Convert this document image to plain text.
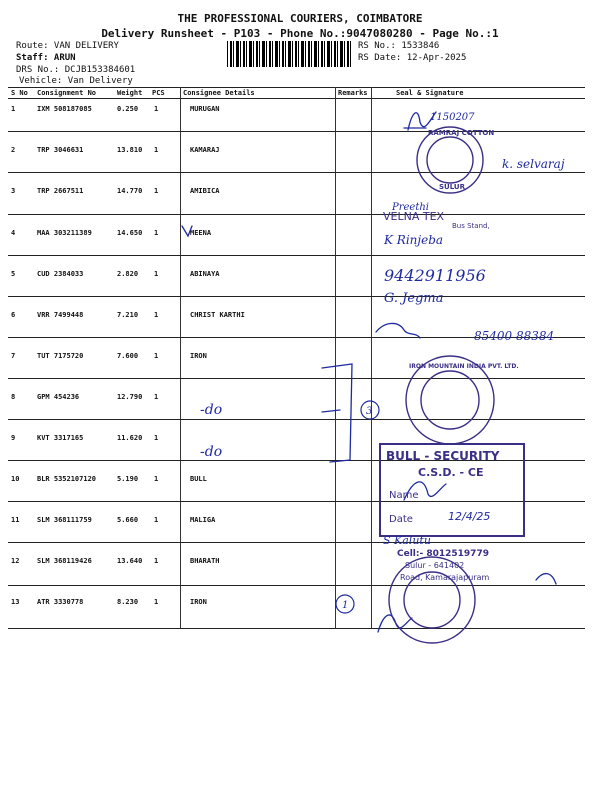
THE PROFESSIONAL COURIERS, COIMBATORE
Delivery Runsheet - P103 - Phone No.:9047080280 - Page No.:1
Route: VAN DELIVERY
Staff: ARUN
DRS No.: DCJB153384601
Vehicle: Van Delivery
RS No.: 1533846
RS Date: 12-Apr-2025
S No Consignment No	Weight PCS	Consignee Details	Remarks	Seal & Signature
1	IXM 508187085	0.250 1	MURUGAN
2	TRP 3046631	13.810 1	KAMARAJ
3	TRP 2667511	14.770 1	AMIBICA
4	MAA 303211389	14.650 1	MEENA
5	CUD 2384033	2.820 1	ABINAYA
6	VRR 7499448	7.210 1	CHRIST KARTHI
7	TUT 7175720	7.600 1	IRON
8	GPM 454236	12.790 1
9	KVT 3317165	11.620 1
10	BLR 5352107120	5.190 1	BULL
11	SLM 368111759	5.660 1	MALIGA
12	SLM 368119426	13.640 1	BHARATH
13	ATR 3330778	8.230 1	IRON
RAMRAJ COTTON
SULUR
VELNA TEX
Bus Stand,
IRON MOUNTAIN INDIA PVT. LTD.
BULL - SECURITY
C.S.D. - CE
Name
Date	12/4/25
Cell:- 8012519779
Sulur - 641402
Road, Kamarajapuram
1150207
k. selvaraj
Preethi
K Rinjeba
9442911956
G. Jegma
85400 88384
-do
-do
3
S Kalutu
1
